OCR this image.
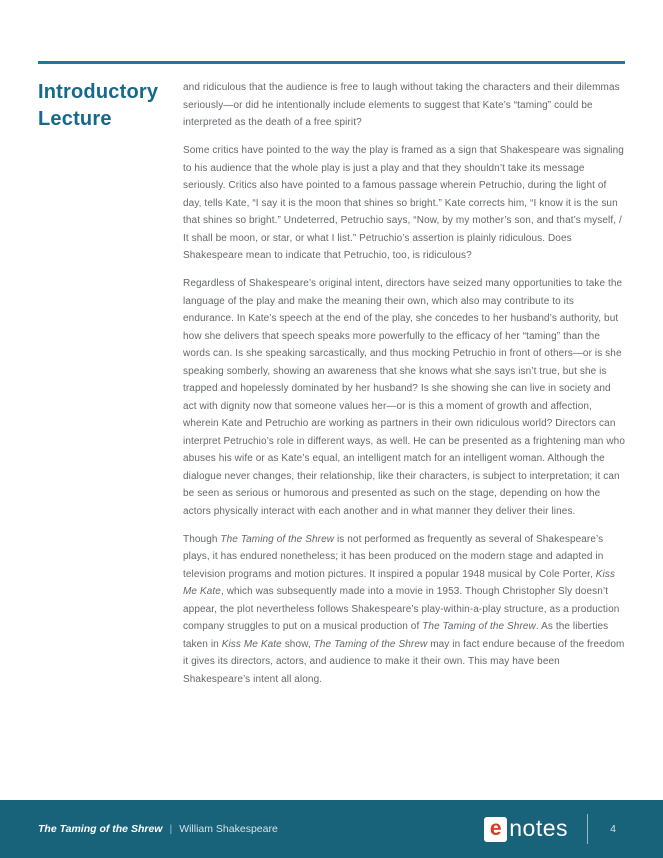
Introductory Lecture

and ridiculous that the audience is free to laugh without taking the characters and their dilemmas seriously—or did he intentionally include elements to suggest that Kate’s “taming” could be interpreted as the death of a free spirit?

Some critics have pointed to the way the play is framed as a sign that Shakespeare was signaling to his audience that the whole play is just a play and that they shouldn’t take its message seriously. Critics also have pointed to a famous passage wherein Petruchio, during the light of day, tells Kate, “I say it is the moon that shines so bright.” Kate corrects him, “I know it is the sun that shines so bright.” Undeterred, Petruchio says, “Now, by my mother’s son, and that’s myself, / It shall be moon, or star, or what I list.” Petruchio’s assertion is plainly ridiculous. Does Shakespeare mean to indicate that Petruchio, too, is ridiculous?

Regardless of Shakespeare’s original intent, directors have seized many opportunities to take the language of the play and make the meaning their own, which also may contribute to its endurance. In Kate’s speech at the end of the play, she concedes to her husband’s authority, but how she delivers that speech speaks more powerfully to the efficacy of her “taming” than the words can. Is she speaking sarcastically, and thus mocking Petruchio in front of others—or is she speaking somberly, showing an awareness that she knows what she says isn’t true, but she is trapped and hopelessly dominated by her husband? Is she showing she can live in society and act with dignity now that someone values her—or is this a moment of growth and affection, wherein Kate and Petruchio are working as partners in their own ridiculous world? Directors can interpret Petruchio’s role in different ways, as well. He can be presented as a frightening man who abuses his wife or as Kate’s equal, an intelligent match for an intelligent woman. Although the dialogue never changes, their relationship, like their characters, is subject to interpretation; it can be seen as serious or humorous and presented as such on the stage, depending on how the actors physically interact with each another and in what manner they deliver their lines.

Though The Taming of the Shrew is not performed as frequently as several of Shakespeare’s plays, it has endured nonetheless; it has been produced on the modern stage and adapted in television programs and motion pictures. It inspired a popular 1948 musical by Cole Porter, Kiss Me Kate, which was subsequently made into a movie in 1953. Though Christopher Sly doesn’t appear, the plot nevertheless follows Shakespeare’s play-within-a-play structure, as a production company struggles to put on a musical production of The Taming of the Shrew. As the liberties taken in Kiss Me Kate show, The Taming of the Shrew may in fact endure because of the freedom it gives its directors, actors, and audience to make it their own. This may have been Shakespeare’s intent all along.

The Taming of the Shrew | William Shakespeare	e notes	4
